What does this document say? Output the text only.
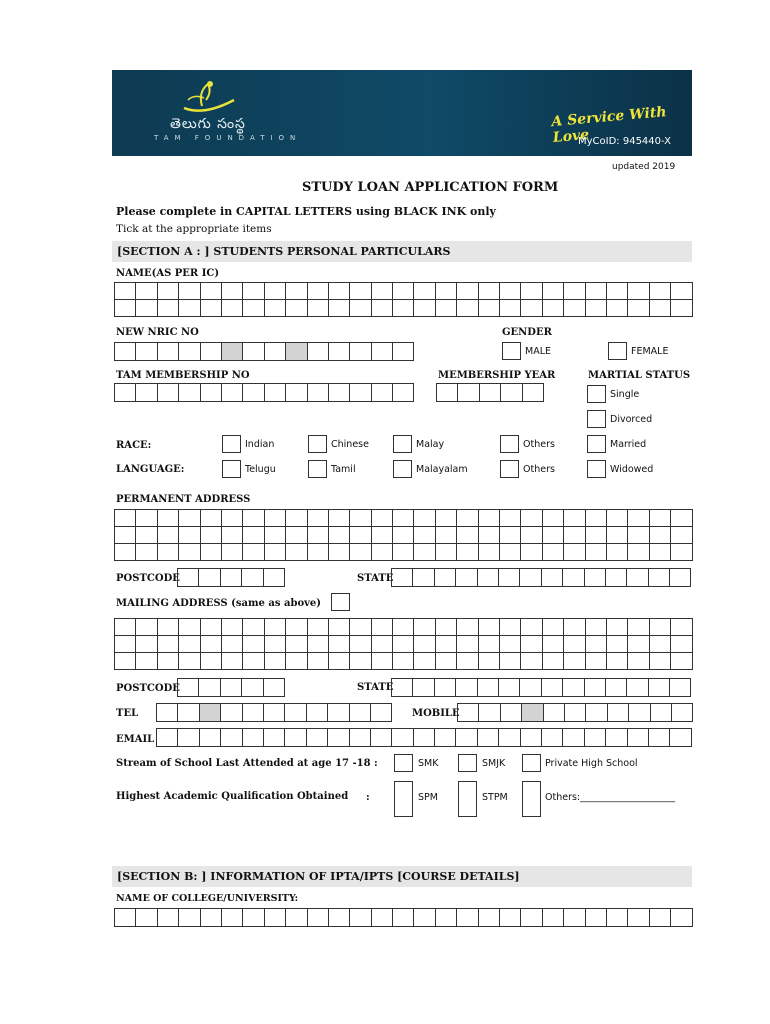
తెలుగు సంస్థ
TAM FOUNDATION
A Service With Love
MyCoID: 945440-X
updated 2019
STUDY LOAN APPLICATION FORM
Please complete in CAPITAL LETTERS using BLACK INK only
Tick at the appropriate items
[SECTION A : ] STUDENTS PERSONAL PARTICULARS
NAME(AS PER IC)
NEW NRIC NO	GENDER
MALE	FEMALE
TAM MEMBERSHIP NO	MEMBERSHIP YEAR	MARTIAL STATUS
Single
Divorced
RACE:	Indian	Chinese	Malay	Others	Married
LANGUAGE:	Telugu	Tamil	Malayalam	Others	Widowed
PERMANENT ADDRESS
POSTCODE	STATE
MAILING ADDRESS (same as above)
POSTCODE	STATE
TEL	MOBILE
EMAIL
Stream of School Last Attended at age 17 -18 :	SMK	SMJK	Private High School
Highest Academic Qualification Obtained :	SPM	STPM	Others:____________________
[SECTION B: ] INFORMATION OF IPTA/IPTS [COURSE DETAILS]
NAME OF COLLEGE/UNIVERSITY:
